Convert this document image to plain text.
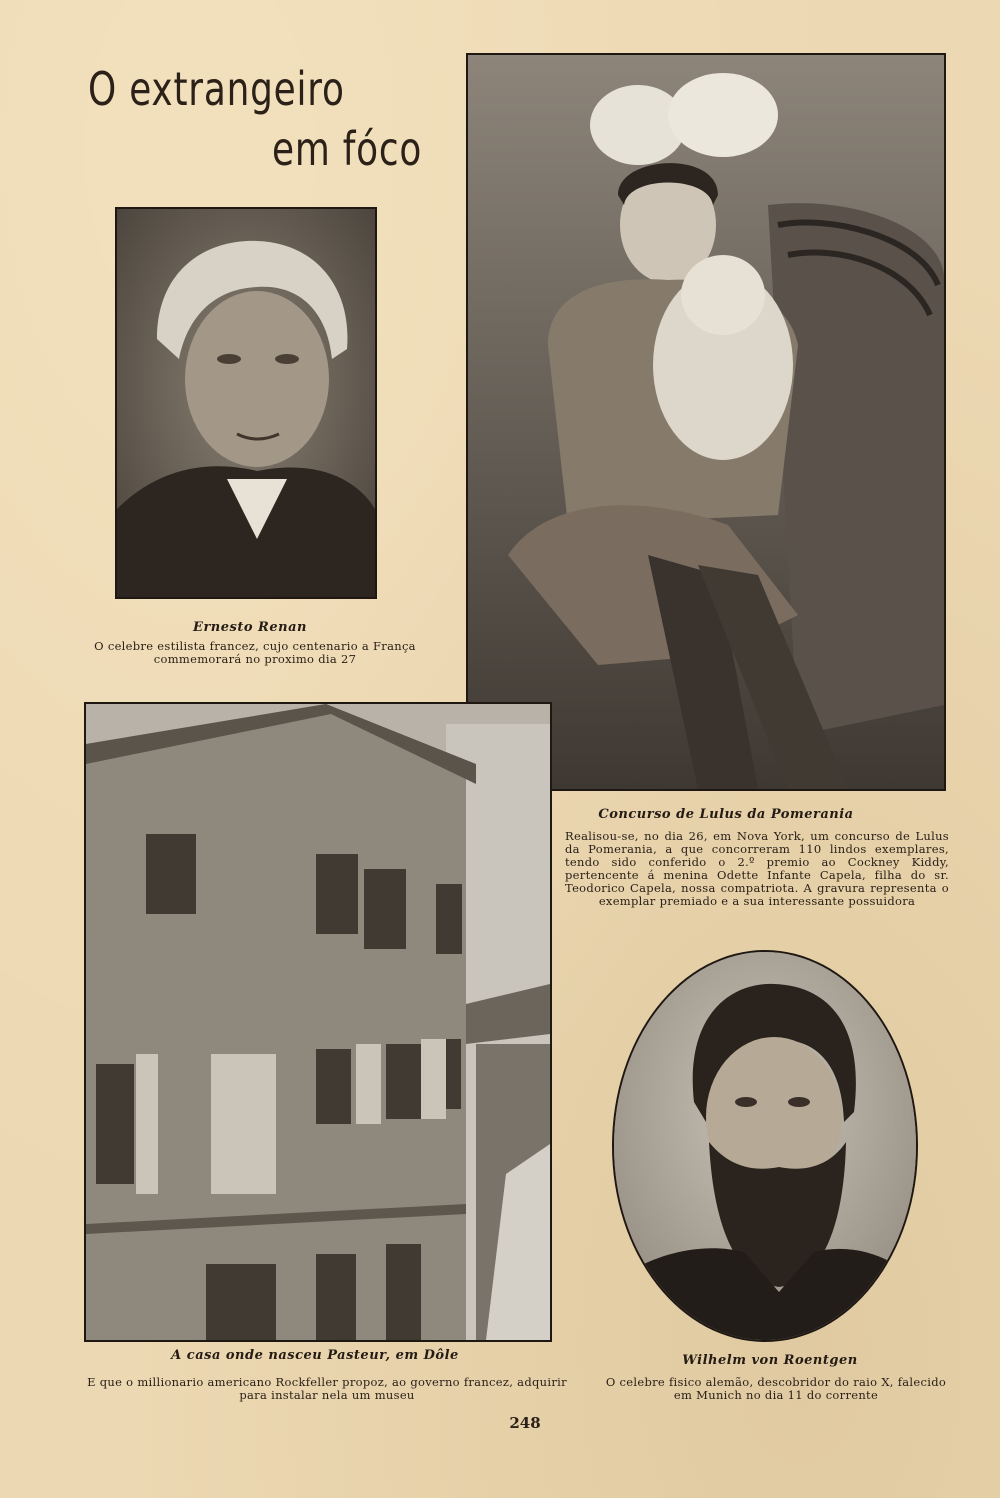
O extrangeiro
em fóco
Ernesto Renan
O celebre estilista francez, cujo centenario a França commemorará no proximo dia 27
Concurso de Lulus da Pomerania
Realisou-se, no dia 26, em Nova York, um concurso de Lulus da Pomerania, a que concorreram 110 lindos exemplares, tendo sido conferido o 2.º premio ao Cockney Kiddy, pertencente á menina Odette Infante Capela, filha do sr. Teodorico Capela, nossa compatriota. A gravura representa o exemplar premiado e a sua interessante possuidora
A casa onde nasceu Pasteur, em Dôle
E que o millionario americano Rockfeller propoz, ao governo francez, adquirir para instalar nela um museu
Wilhelm von Roentgen
O celebre fisico alemão, descobridor do raio X, falecido em Munich no dia 11 do corrente
248
